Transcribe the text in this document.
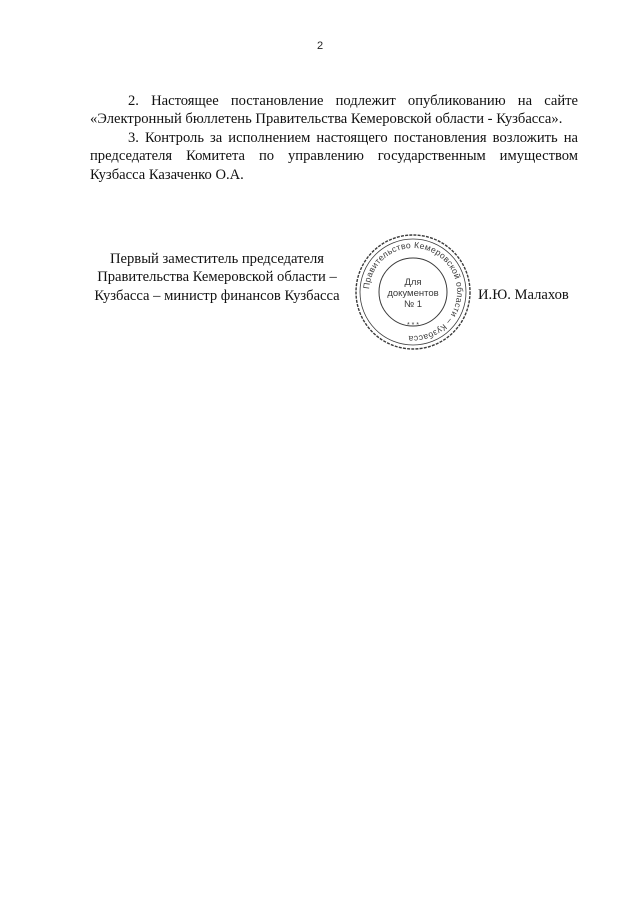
2

2. Настоящее постановление подлежит опубликованию на сайте «Электронный бюллетень Правительства Кемеровской области - Кузбасса».

3. Контроль за исполнением настоящего постановления возложить на председателя Комитета по управлению государственным имуществом Кузбасса Казаченко О.А.

Первый заместитель председателя
Правительства Кемеровской области –
Кузбасса – министр финансов Кузбасса
Правительство Кемеровской области – Кузбасса
* * *
Для
документов
№ 1
И.Ю. Малахов
